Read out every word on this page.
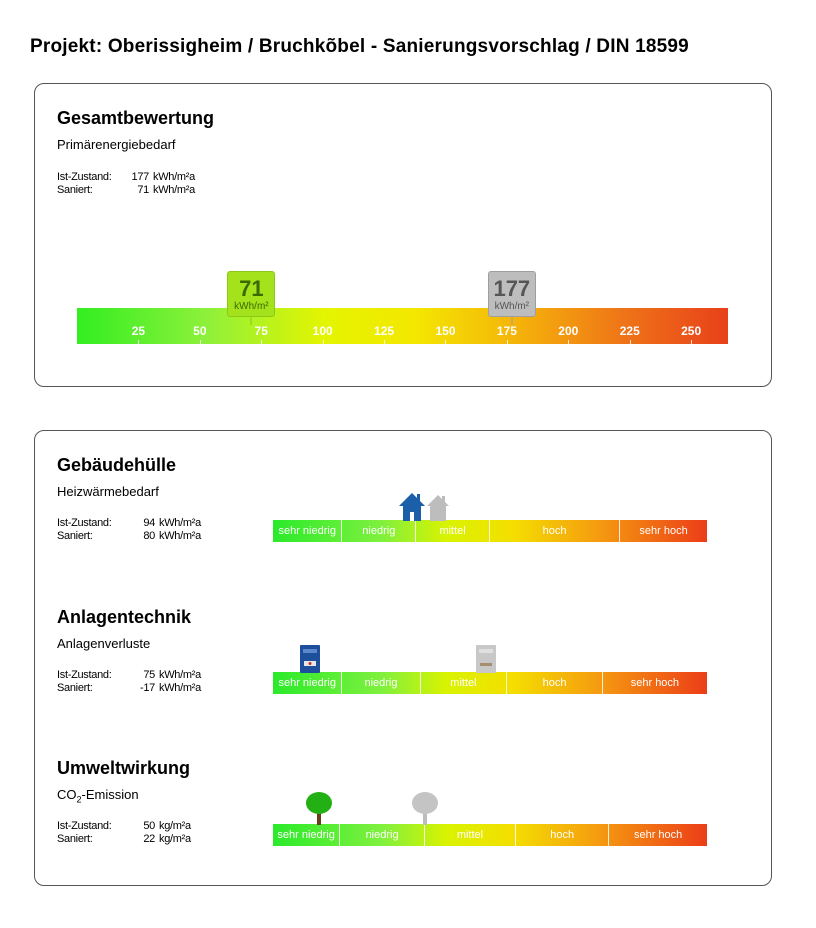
Projekt: Oberissigheim / Bruchkõbel - Sanierungsvorschlag / DIN 18599
Gesamtbewertung
Primärenergiebedarf
Ist-Zustand:	177 kWh/m²a
Saniert:	71 kWh/m²a
71
kWh/m²
177
kWh/m²
25	50	75	100	125	150	175	200	225	250
Gebäudehülle
Heizwärmebedarf
Ist-Zustand:	94 kWh/m²a
Saniert:	80 kWh/m²a	sehr niedrig	niedrig	mittel	hoch	sehr hoch
Anlagentechnik
Anlagenverluste
Ist-Zustand:	75 kWh/m²a
Saniert:	-17 kWh/m²a	sehr niedrig	niedrig	mittel	hoch	sehr hoch
Umweltwirkung
$CO_2$-Emission
Ist-Zustand:	50 kg/m²a
Saniert:	22 kg/m²a	sehr niedrig	niedrig	mittel	hoch	sehr hoch
